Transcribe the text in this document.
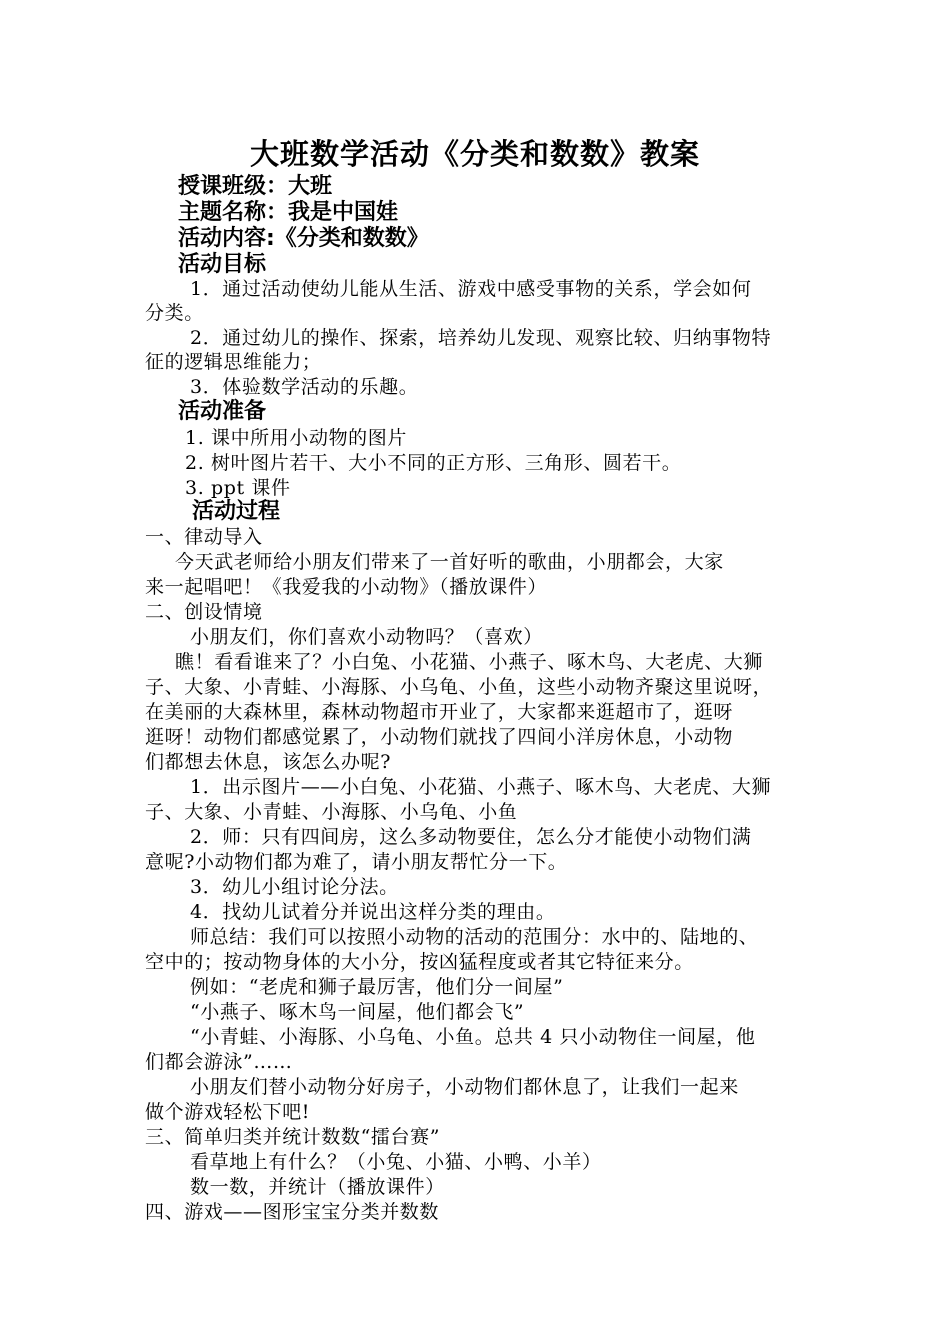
大班数学活动《分类和数数》教案
授课班级：大班
主题名称：我是中国娃
活动内容:《分类和数数》
活动目标
1．通过活动使幼儿能从生活、游戏中感受事物的关系，学会如何
分类。
2．通过幼儿的操作、探索，培养幼儿发现、观察比较、归纳事物特
征的逻辑思维能力；
3．体验数学活动的乐趣。
活动准备
1. 课中所用小动物的图片
2. 树叶图片若干、大小不同的正方形、三角形、圆若干。
3. ppt 课件
活动过程
一、律动导入
今天武老师给小朋友们带来了一首好听的歌曲，小朋都会，大家
来一起唱吧！《我爱我的小动物》（播放课件）
二、创设情境
小朋友们，你们喜欢小动物吗？（喜欢）
瞧！看看谁来了？小白兔、小花猫、小燕子、啄木鸟、大老虎、大狮
子、大象、小青蛙、小海豚、小乌龟、小鱼，这些小动物齐聚这里说呀，
在美丽的大森林里，森林动物超市开业了，大家都来逛超市了，逛呀
逛呀！动物们都感觉累了，小动物们就找了四间小洋房休息，小动物
们都想去休息，该怎么办呢?
1．出示图片——小白兔、小花猫、小燕子、啄木鸟、大老虎、大狮
子、大象、小青蛙、小海豚、小乌龟、小鱼
2．师：只有四间房，这么多动物要住，怎么分才能使小动物们满
意呢?小动物们都为难了，请小朋友帮忙分一下。
3．幼儿小组讨论分法。
4．找幼儿试着分并说出这样分类的理由。
师总结：我们可以按照小动物的活动的范围分：水中的、陆地的、
空中的；按动物身体的大小分，按凶猛程度或者其它特征来分。
例如：“老虎和狮子最厉害，他们分一间屋”
“小燕子、啄木鸟一间屋，他们都会飞”
“小青蛙、小海豚、小乌龟、小鱼。总共 4 只小动物住一间屋，他
们都会游泳”……
小朋友们替小动物分好房子，小动物们都休息了，让我们一起来
做个游戏轻松下吧!
三、简单归类并统计数数“擂台赛”
看草地上有什么？（小兔、小猫、小鸭、小羊）
数一数，并统计（播放课件）
四、游戏——图形宝宝分类并数数
